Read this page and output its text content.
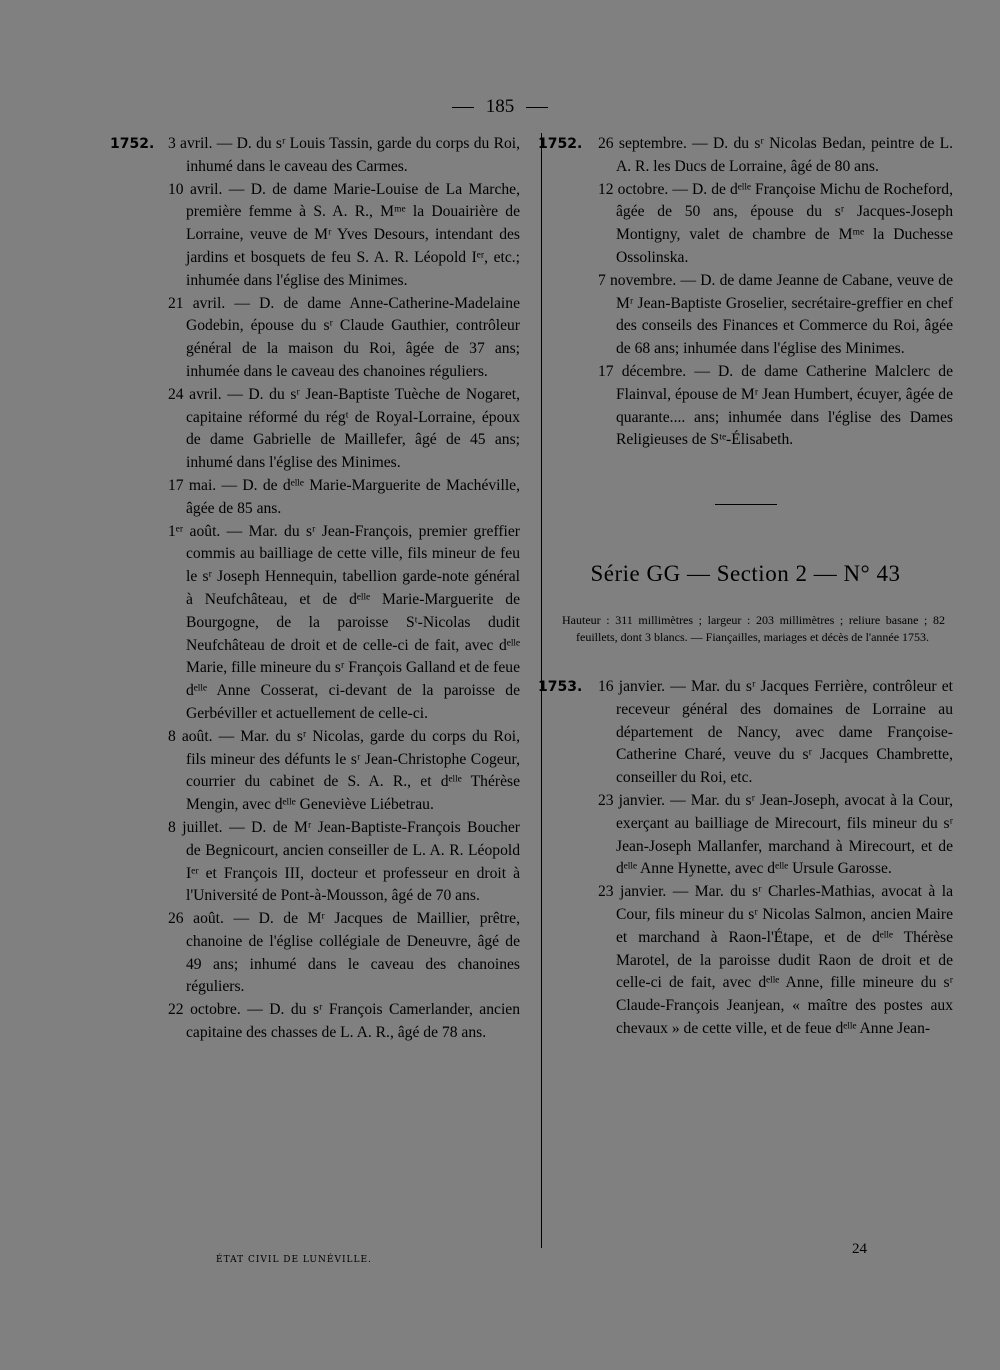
185
1752. 3 avril. — D. du sʳ Louis Tassin, garde du corps du Roi, inhumé dans le caveau des Carmes.
10 avril. — D. de dame Marie-Louise de La Marche, première femme à S. A. R., Mᵐᵉ la Douairière de Lorraine, veuve de Mʳ Yves Desours, intendant des jardins et bosquets de feu S. A. R. Léopold Iᵉʳ, etc.; inhumée dans l'église des Minimes.
21 avril. — D. de dame Anne-Catherine-Madelaine Godebin, épouse du sʳ Claude Gauthier, contrôleur général de la maison du Roi, âgée de 37 ans; inhumée dans le caveau des chanoines réguliers.
24 avril. — D. du sʳ Jean-Baptiste Tuèche de Nogaret, capitaine réformé du régᵗ de Royal-Lorraine, époux de dame Gabrielle de Maillefer, âgé de 45 ans; inhumé dans l'église des Minimes.
17 mai. — D. de dᵉˡˡᵉ Marie-Marguerite de Machéville, âgée de 85 ans.
1ᵉʳ août. — Mar. du sʳ Jean-François, premier greffier commis au bailliage de cette ville, fils mineur de feu le sʳ Joseph Hennequin, tabellion garde-note général à Neufchâteau, et de dᵉˡˡᵉ Marie-Marguerite de Bourgogne, de la paroisse Sᵗ-Nicolas dudit Neufchâteau de droit et de celle-ci de fait, avec dᵉˡˡᵉ Marie, fille mineure du sʳ François Galland et de feue dᵉˡˡᵉ Anne Cosserat, ci-devant de la paroisse de Gerbéviller et actuellement de celle-ci.
8 août. — Mar. du sʳ Nicolas, garde du corps du Roi, fils mineur des défunts le sʳ Jean-Christophe Cogeur, courrier du cabinet de S. A. R., et dᵉˡˡᵉ Thérèse Mengin, avec dᵉˡˡᵉ Geneviève Liébetrau.
8 juillet. — D. de Mʳ Jean-Baptiste-François Boucher de Begnicourt, ancien conseiller de L. A. R. Léopold Iᵉʳ et François III, docteur et professeur en droit à l'Université de Pont-à-Mousson, âgé de 70 ans.
26 août. — D. de Mʳ Jacques de Maillier, prêtre, chanoine de l'église collégiale de Deneuvre, âgé de 49 ans; inhumé dans le caveau des chanoines réguliers.
22 octobre. — D. du sʳ François Camerlander, ancien capitaine des chasses de L. A. R., âgé de 78 ans.
1752.	26 septembre. — D. du sʳ Nicolas Bedan, peintre de L. A. R. les Ducs de Lorraine, âgé de 80 ans.
12 octobre. — D. de dᵉˡˡᵉ Françoise Michu de Rocheford, âgée de 50 ans, épouse du sʳ Jacques-Joseph Montigny, valet de chambre de Mᵐᵉ la Duchesse Ossolinska.
7 novembre. — D. de dame Jeanne de Cabane, veuve de Mʳ Jean-Baptiste Groselier, secrétaire-greffier en chef des conseils des Finances et Commerce du Roi, âgée de 68 ans; inhumée dans l'église des Minimes.
17 décembre. — D. de dame Catherine Malclerc de Flainval, épouse de Mʳ Jean Humbert, écuyer, âgée de quarante.... ans; inhumée dans l'église des Dames Religieuses de Sᵗᵉ-Élisabeth.
Série GG — Section 2 — N° 43
Hauteur : 311 millimètres ; largeur : 203 millimètres ; reliure basane ; 82 feuillets, dont 3 blancs. — Fiançailles, mariages et décès de l'année 1753.
1753.	16 janvier. — Mar. du sʳ Jacques Ferrière, contrôleur et receveur général des domaines de Lorraine au département de Nancy, avec dame Françoise-Catherine Charé, veuve du sʳ Jacques Chambrette, conseiller du Roi, etc.
23 janvier. — Mar. du sʳ Jean-Joseph, avocat à la Cour, exerçant au bailliage de Mirecourt, fils mineur du sʳ Jean-Joseph Mallanfer, marchand à Mirecourt, et de dᵉˡˡᵉ Anne Hynette, avec dᵉˡˡᵉ Ursule Garosse.
23 janvier. — Mar. du sʳ Charles-Mathias, avocat à la Cour, fils mineur du sʳ Nicolas Salmon, ancien Maire et marchand à Raon-l'Étape, et de dᵉˡˡᵉ Thérèse Marotel, de la paroisse dudit Raon de droit et de celle-ci de fait, avec dᵉˡˡᵉ Anne, fille mineure du sʳ Claude-François Jeanjean, « maître des postes aux chevaux » de cette ville, et de feue dᵉˡˡᵉ Anne Jean-
ÉTAT CIVIL DE LUNÉVILLE.
24
